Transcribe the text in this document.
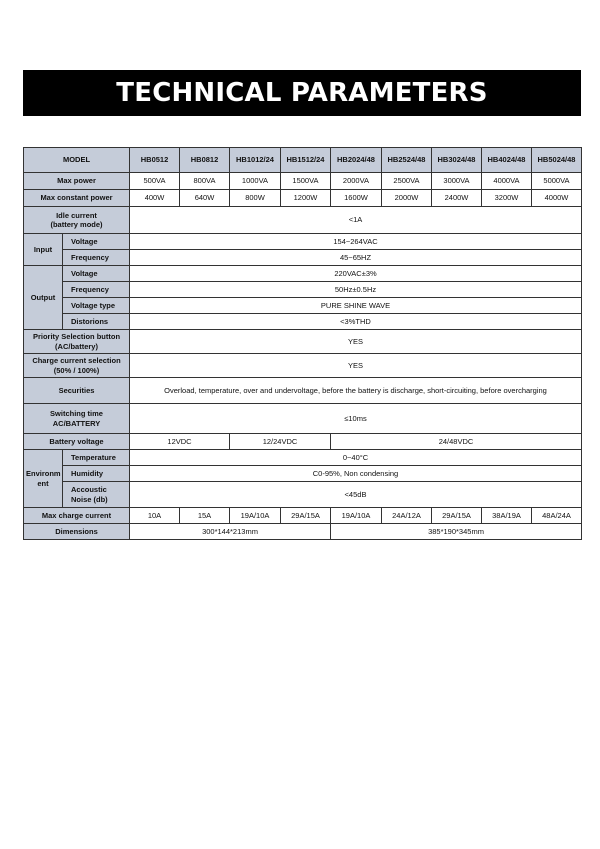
TECHNICAL PARAMETERS
MODEL		HB0512	HB0812	HB1012/24	HB1512/24	HB2024/48	HB2524/48	HB3024/48	HB4024/48	HB5024/48
Max power		500VA	800VA	1000VA	1500VA	2000VA	2500VA	3000VA	4000VA	5000VA
Max constant power		400W	640W	800W	1200W	1600W	2000W	2400W	3200W	4000W
Idle current
(battery mode)		<1A								
Input	Voltage	154~264VAC								
	Frequency	45~65HZ								
Output	Voltage	220VAC±3%								
	Frequency	50Hz±0.5Hz								
	Voltage type	PURE SHINE WAVE								
	Distorions	<3%THD								
Priority Selection button
(AC/battery)		YES								
Charge current selection
(50% / 100%)		YES								
Securities		Overload, temperature, over and undervoltage, before the battery is discharge, short-circuiting, before overcharging								
Switching time
AC/BATTERY		≤10ms								
Battery voltage		12VDC		12/24VDC		24/48VDC				
Environm
ent	Temperature	0~40°C								
	Humidity	C0-95%, Non condensing								
	Accoustic
Noise (db)	<45dB								
Max charge current		10A	15A	19A/10A	29A/15A	19A/10A	24A/12A	29A/15A	38A/19A	48A/24A
Dimensions		300*144*213mm				385*190*345mm				
